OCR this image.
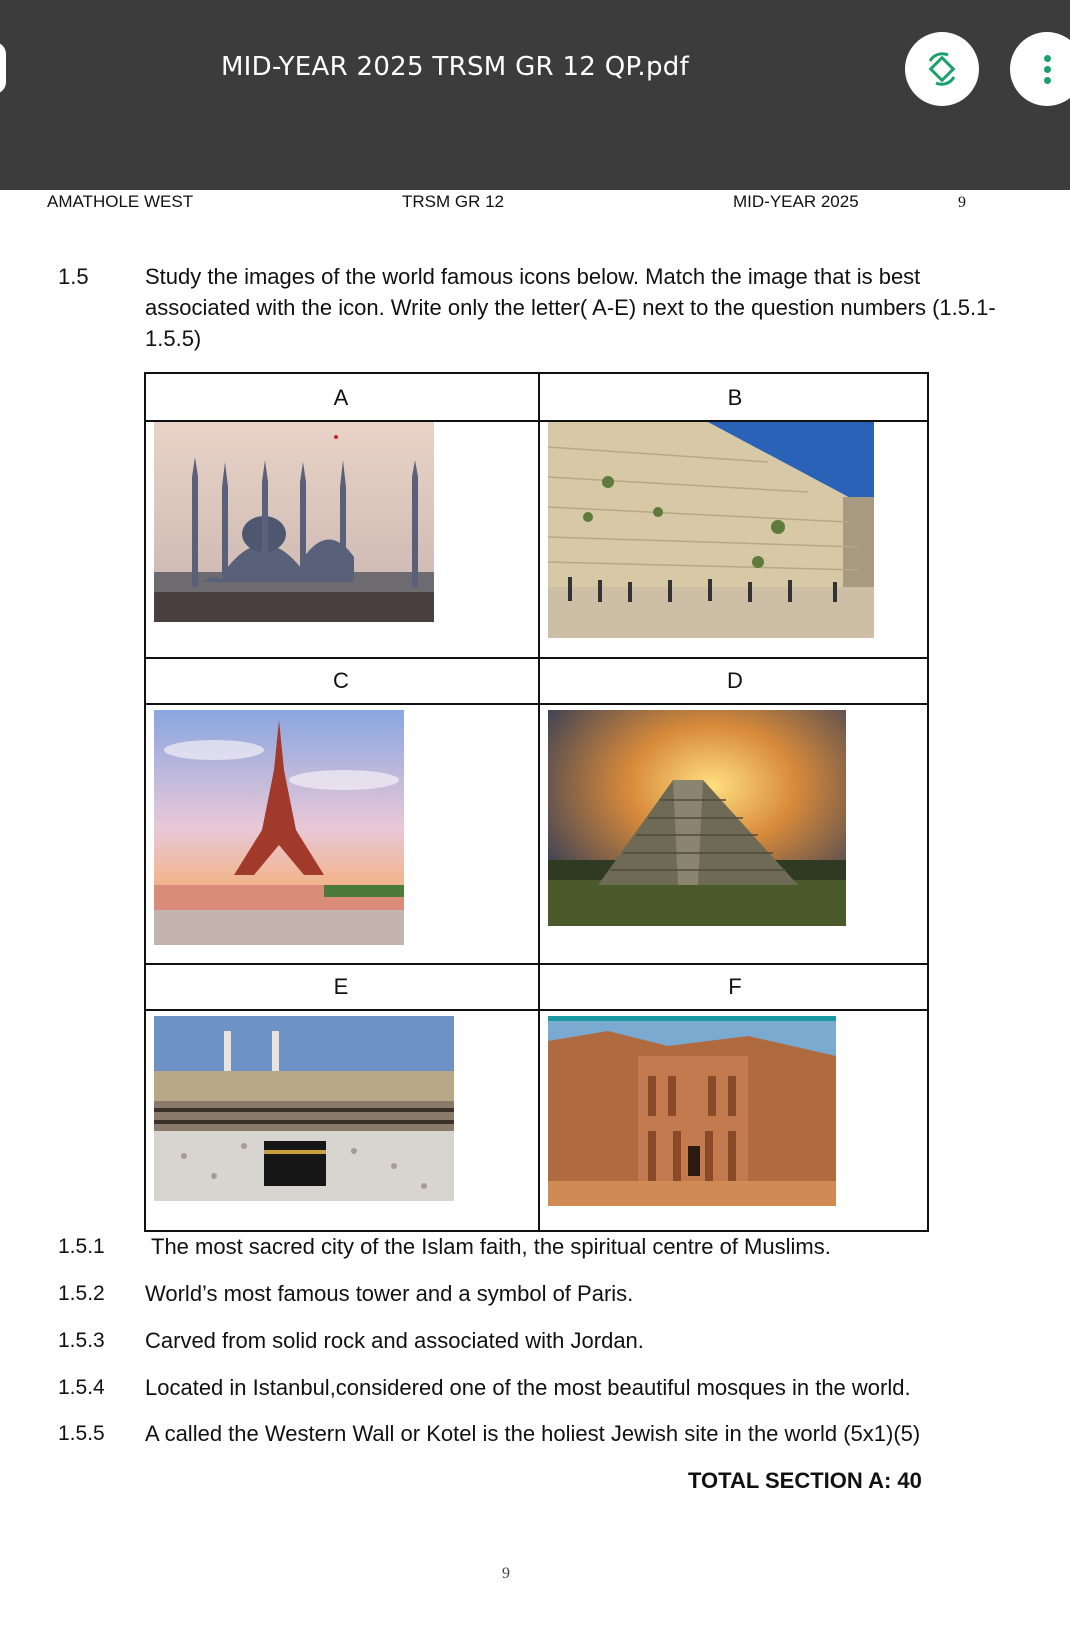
MID-YEAR 2025 TRSM GR 12 QP.pdf
AMATHOLE WEST	TRSM GR 12	MID-YEAR 2025	9
1.5	Study the images of the world famous icons below. Match the image that is best
associated with the icon. Write only the letter( A-E) next to the question numbers (1.5.1-
1.5.5)
A	B
C	D
E	F
1.5.1 The most sacred city of the Islam faith, the spiritual centre of Muslims.
1.5.2 World’s most famous tower and a symbol of Paris.
1.5.3 Carved from solid rock and associated with Jordan.
1.5.4 Located in Istanbul,considered one of the most beautiful mosques in the world.
1.5.5 A called the Western Wall or Kotel is the holiest Jewish site in the world (5x1)(5)
TOTAL SECTION A: 40
9
